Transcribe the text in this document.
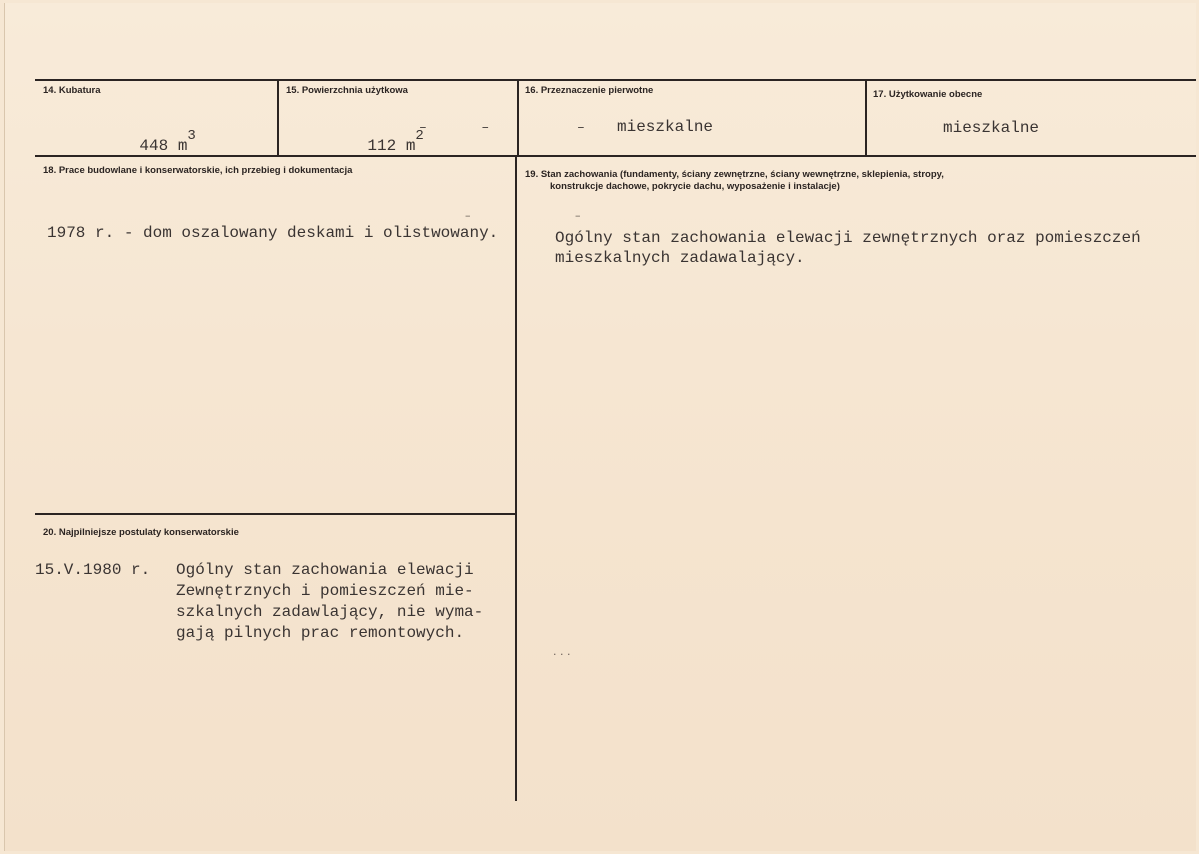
14. Kubatura

448 m3

15. Powierzchnia użytkowa

112 m2

–       –
16. Przeznaczenie pierwotne
– mieszkalne
17. Użytkowanie obecne
mieszkalne
18. Prace budowlane i konserwatorskie, ich przebieg i dokumentacja
1978 r. - dom oszalowany deskami i olistwowany.
19. Stan zachowania (fundamenty, ściany zewnętrzne, ściany wewnętrzne, sklepienia, stropy,
konstrukcje dachowe, pokrycie dachu, wyposażenie i instalacje)
Ogólny stan zachowania elewacji zewnętrznych oraz pomieszczeń
mieszkalnych zadawalający.
20. Najpilniejsze postulaty konserwatorskie
15.V.1980 r. Ogólny stan zachowania elewacji
Zewnętrznych i pomieszczeń mie-
szkalnych zadawlający, nie wyma-
gają pilnych prac remontowych.
· · ·
–	–
